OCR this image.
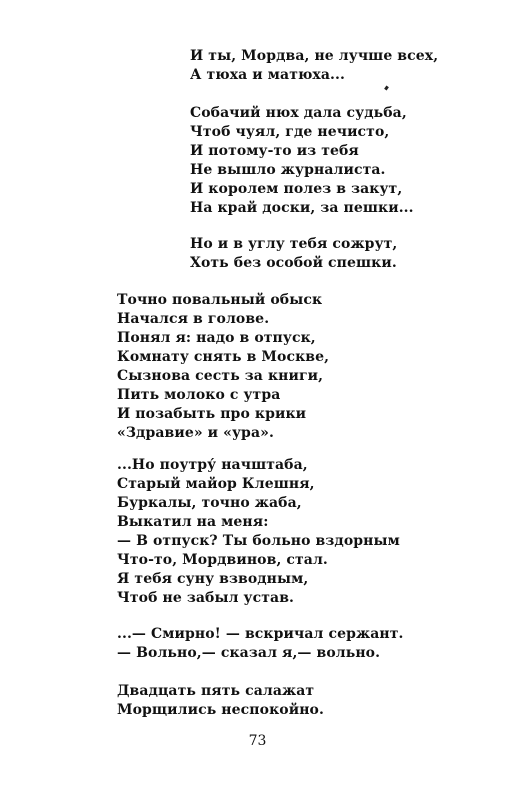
И ты, Мордва, не лучше всех,
А тюха и матюха...
Собачий нюх дала судьба,
Чтоб чуял, где нечисто,
И потому-то из тебя
Не вышло журналиста.
И королем полез в закут,
На край доски, за пешки...
Но и в углу тебя сожрут,
Хоть без особой спешки.
Точно повальный обыск
Начался в голове.
Понял я: надо в отпуск,
Комнату снять в Москве,
Сызнова сесть за книги,
Пить молоко с утра
И позабыть про крики
«Здравие» и «ура».
...Но поутру́ начштаба,
Старый майор Клешня,
Буркалы, точно жаба,
Выкатил на меня:
— В отпуск? Ты больно вздорным
Что-то, Мордвинов, стал.
Я тебя суну взводным,
Чтоб не забыл устав.
...— Смирно! — вскричал сержант.
— Вольно,— сказал я,— вольно.
Двадцать пять салажат
Морщились неспокойно.
73
